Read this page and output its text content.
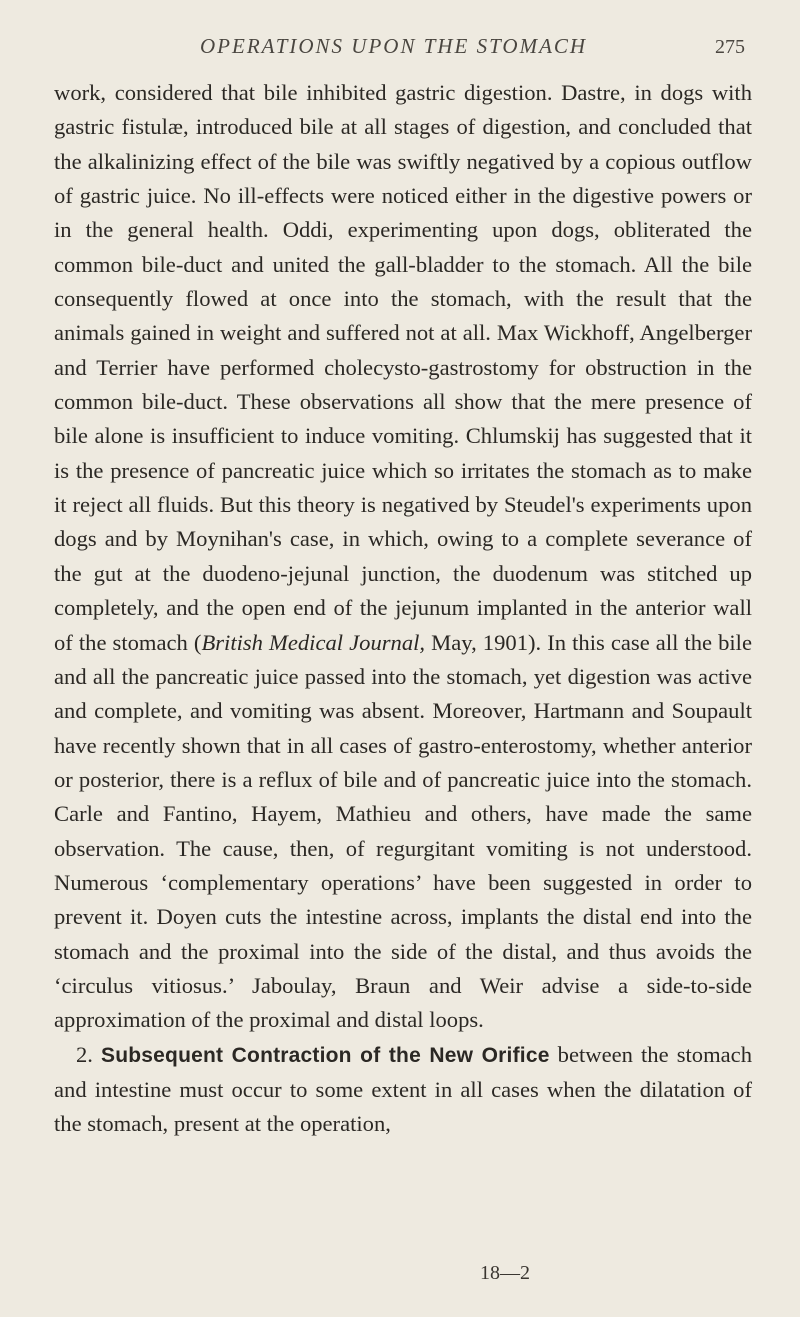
OPERATIONS UPON THE STOMACH	275

work, considered that bile inhibited gastric digestion. Dastre, in dogs with gastric fistulæ, introduced bile at all stages of digestion, and concluded that the alkalinizing effect of the bile was swiftly negatived by a copious outflow of gastric juice. No ill-effects were noticed either in the digestive powers or in the general health. Oddi, experimenting upon dogs, obliterated the common bile-duct and united the gall-bladder to the stomach. All the bile consequently flowed at once into the stomach, with the result that the animals gained in weight and suffered not at all. Max Wickhoff, Angelberger and Terrier have performed cholecysto-gastrostomy for obstruction in the common bile-duct. These observations all show that the mere presence of bile alone is insufficient to induce vomiting. Chlumskij has suggested that it is the presence of pancreatic juice which so irritates the stomach as to make it reject all fluids. But this theory is negatived by Steudel's experiments upon dogs and by Moynihan's case, in which, owing to a complete severance of the gut at the duodeno-jejunal junction, the duodenum was stitched up completely, and the open end of the jejunum implanted in the anterior wall of the stomach (British Medical Journal, May, 1901). In this case all the bile and all the pancreatic juice passed into the stomach, yet digestion was active and complete, and vomiting was absent. Moreover, Hartmann and Soupault have recently shown that in all cases of gastro-enterostomy, whether anterior or posterior, there is a reflux of bile and of pancreatic juice into the stomach. Carle and Fantino, Hayem, Mathieu and others, have made the same observation. The cause, then, of regurgitant vomiting is not understood. Numerous ‘complementary operations’ have been suggested in order to prevent it. Doyen cuts the intestine across, implants the distal end into the stomach and the proximal into the side of the distal, and thus avoids the ‘circulus vitiosus.’ Jaboulay, Braun and Weir advise a side-to-side approximation of the proximal and distal loops.

2. Subsequent Contraction of the New Orifice between the stomach and intestine must occur to some extent in all cases when the dilatation of the stomach, present at the operation,

18—2
